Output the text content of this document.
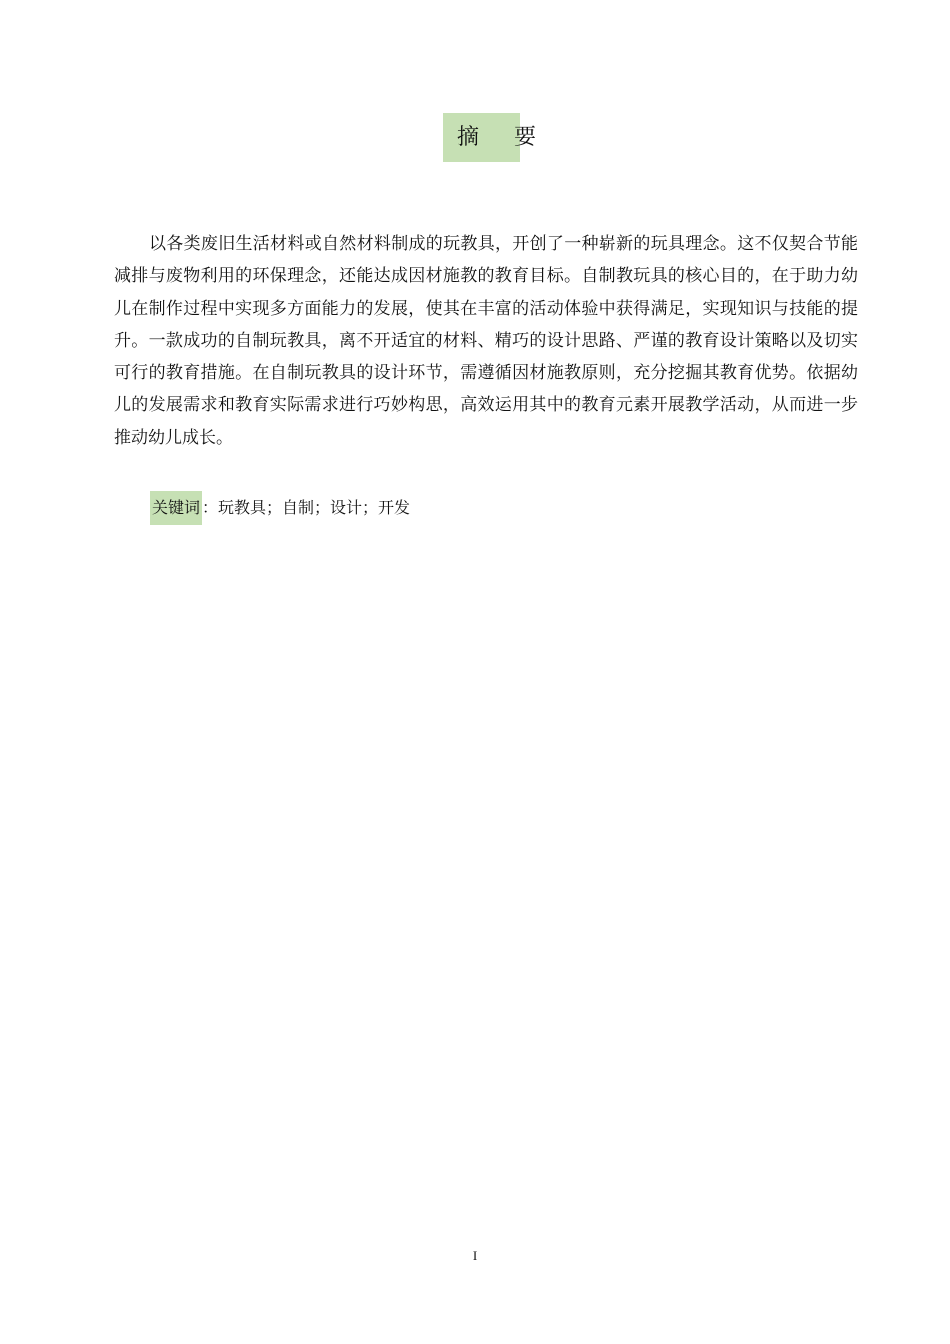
摘 要

以各类废旧生活材料或自然材料制成的玩教具，开创了一种崭新的玩具理念。这不仅契合节能减排与废物利用的环保理念，还能达成因材施教的教育目标。自制教玩具的核心目的，在于助力幼儿在制作过程中实现多方面能力的发展，使其在丰富的活动体验中获得满足，实现知识与技能的提升。一款成功的自制玩教具，离不开适宜的材料、精巧的设计思路、严谨的教育设计策略以及切实可行的教育措施。在自制玩教具的设计环节，需遵循因材施教原则，充分挖掘其教育优势。依据幼儿的发展需求和教育实际需求进行巧妙构思，高效运用其中的教育元素开展教学活动，从而进一步推动幼儿成长。

关键词 ：玩教具；自制；设计；开发
I
